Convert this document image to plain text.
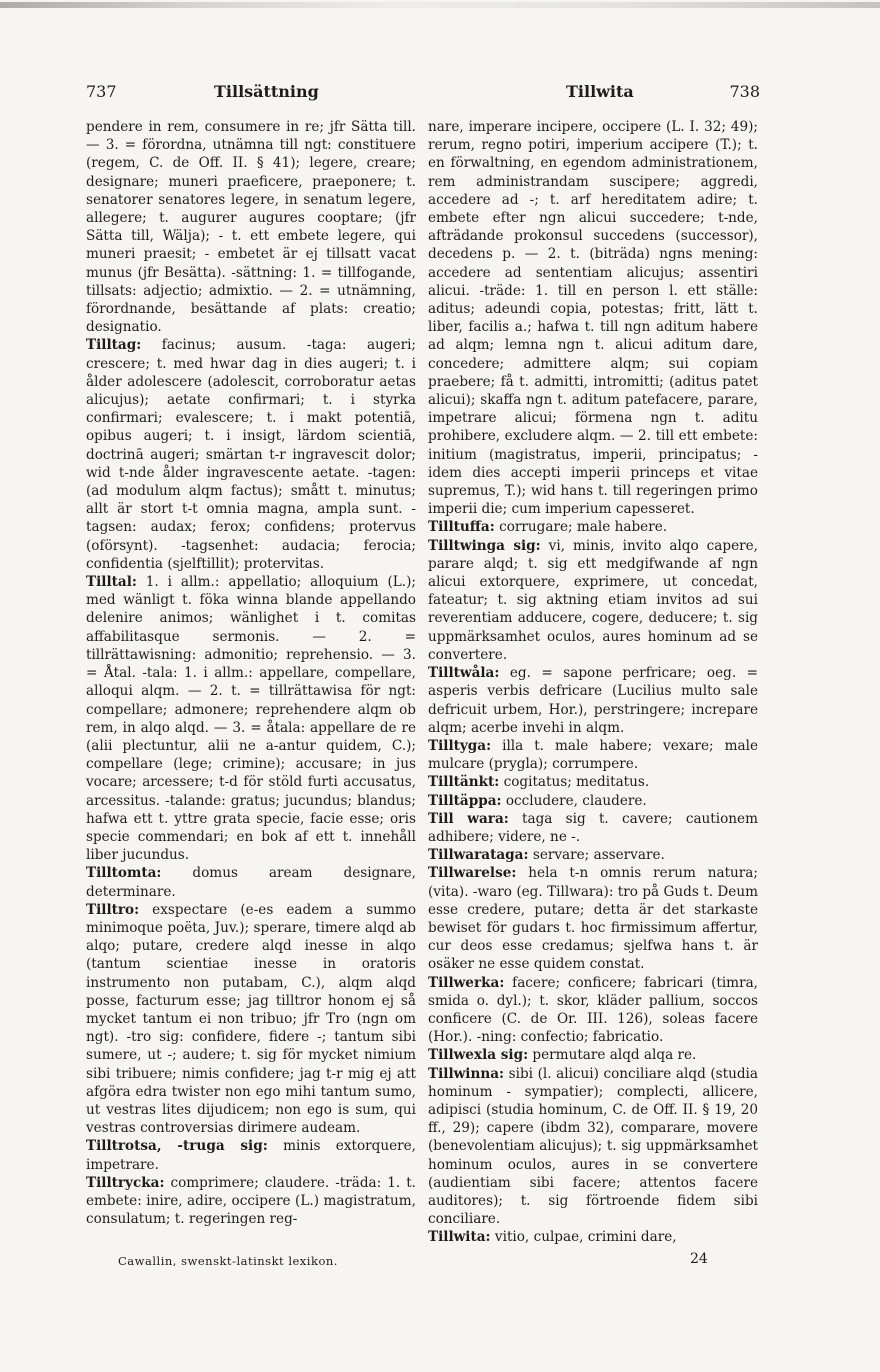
737	Tillsättning	Tillwita	738

pendere in rem, consumere in re; jfr Sätta till. — 3. = förordna, utnämna till ngt: constituere (regem, C. de Off. II. § 41); legere, creare; designare; muneri praeficere, praeponere; t. senatorer senatores legere, in senatum legere, allegere; t. augurer augures cooptare; (jfr Sätta till, Wälja); - t. ett embete legere, qui muneri praesit; - embetet är ej tillsatt vacat munus (jfr Besätta). -sättning: 1. = tillfogande, tillsats: adjectio; admixtio. — 2. = utnämning, förordnande, besättande af plats: creatio; designatio.

Tilltag: facinus; ausum. -taga: augeri; crescere; t. med hwar dag in dies augeri; t. i ålder adolescere (adolescit, corroboratur aetas alicujus); aetate confirmari; t. i styrka confirmari; evalescere; t. i makt potentiā, opibus augeri; t. i insigt, lärdom scientiā, doctrinā augeri; smärtan t-r ingravescit dolor; wid t-nde ålder ingravescente aetate. -tagen: (ad modulum alqm factus); smått t. minutus; allt är stort t-t omnia magna, ampla sunt. -tagsen: audax; ferox; confidens; protervus (oförsynt). -tagsenhet: audacia; ferocia; confidentia (sjelftillit); protervitas.

Tilltal: 1. i allm.: appellatio; alloquium (L.); med wänligt t. föka winna blande appellando delenire animos; wänlighet i t. comitas affabilitasque sermonis. — 2. = tillrättawisning: admonitio; reprehensio. — 3. = Åtal. -tala: 1. i allm.: appellare, compellare, alloqui alqm. — 2. t. = tillrättawisa för ngt: compellare; admonere; reprehendere alqm ob rem, in alqo alqd. — 3. = åtala: appellare de re (alii plectuntur, alii ne a-antur quidem, C.); compellare (lege; crimine); accusare; in jus vocare; arcessere; t-d för stöld furti accusatus, arcessitus. -talande: gratus; jucundus; blandus; hafwa ett t. yttre grata specie, facie esse; oris specie commendari; en bok af ett t. innehåll liber jucundus.

Tilltomta: domus aream designare, determinare.

Tilltro: exspectare (e-es eadem a summo minimoque poëta, Juv.); sperare, timere alqd ab alqo; putare, credere alqd inesse in alqo (tantum scientiae inesse in oratoris instrumento non putabam, C.), alqm alqd posse, facturum esse; jag tilltror honom ej så mycket tantum ei non tribuo; jfr Tro (ngn om ngt). -tro sig: confidere, fidere -; tantum sibi sumere, ut -; audere; t. sig för mycket nimium sibi tribuere; nimis confidere; jag t-r mig ej att afgöra edra twister non ego mihi tantum sumo, ut vestras lites dijudicem; non ego is sum, qui vestras controversias dirimere audeam.

Tilltrotsa, -truga sig: minis extorquere, impetrare.

Tilltrycka: comprimere; claudere. -träda: 1. t. embete: inire, adire, occipere (L.) magistratum, consulatum; t. regeringen reg-

nare, imperare incipere, occipere (L. I. 32; 49); rerum, regno potiri, imperium accipere (T.); t. en förwaltning, en egendom administrationem, rem administrandam suscipere; aggredi, accedere ad -; t. arf hereditatem adire; t. embete efter ngn alicui succedere; t-nde, afträdande prokonsul succedens (successor), decedens p. — 2. t. (biträda) ngns mening: accedere ad sententiam alicujus; assentiri alicui. -träde: 1. till en person l. ett ställe: aditus; adeundi copia, potestas; fritt, lätt t. liber, facilis a.; hafwa t. till ngn aditum habere ad alqm; lemna ngn t. alicui aditum dare, concedere; admittere alqm; sui copiam praebere; få t. admitti, intromitti; (aditus patet alicui); skaffa ngn t. aditum patefacere, parare, impetrare alicui; förmena ngn t. aditu prohibere, excludere alqm. — 2. till ett embete: initium (magistratus, imperii, principatus; - idem dies accepti imperii princeps et vitae supremus, T.); wid hans t. till regeringen primo imperii die; cum imperium capesseret.

Tilltuffa: corrugare; male habere.

Tilltwinga sig: vi, minis, invito alqo capere, parare alqd; t. sig ett medgifwande af ngn alicui extorquere, exprimere, ut concedat, fateatur; t. sig aktning etiam invitos ad sui reverentiam adducere, cogere, deducere; t. sig uppmärksamhet oculos, aures hominum ad se convertere.

Tilltwåla: eg. = sapone perfricare; oeg. = asperis verbis defricare (Lucilius multo sale defricuit urbem, Hor.), perstringere; increpare alqm; acerbe invehi in alqm.

Tilltyga: illa t. male habere; vexare; male mulcare (prygla); corrumpere.

Tilltänkt: cogitatus; meditatus.

Tilltäppa: occludere, claudere.

Till wara: taga sig t. cavere; cautionem adhibere; videre, ne -.

Tillwarataga: servare; asservare.

Tillwarelse: hela t-n omnis rerum natura; (vita). -waro (eg. Tillwara): tro på Guds t. Deum esse credere, putare; detta är det starkaste bewiset för gudars t. hoc firmissimum affertur, cur deos esse credamus; sjelfwa hans t. är osäker ne esse quidem constat.

Tillwerka: facere; conficere; fabricari (timra, smida o. dyl.); t. skor, kläder pallium, soccos conficere (C. de Or. III. 126), soleas facere (Hor.). -ning: confectio; fabricatio.

Tillwexla sig: permutare alqd alqa re.

Tillwinna: sibi (l. alicui) conciliare alqd (studia hominum - sympatier); complecti, allicere, adipisci (studia hominum, C. de Off. II. § 19, 20 ff., 29); capere (ibdm 32), comparare, movere (benevolentiam alicujus); t. sig uppmärksamhet hominum oculos, aures in se convertere (audientiam sibi facere; attentos facere auditores); t. sig förtroende fidem sibi conciliare.

Tillwita: vitio, culpae, crimini dare,

Cawallin, swenskt-latinskt lexikon.	24
